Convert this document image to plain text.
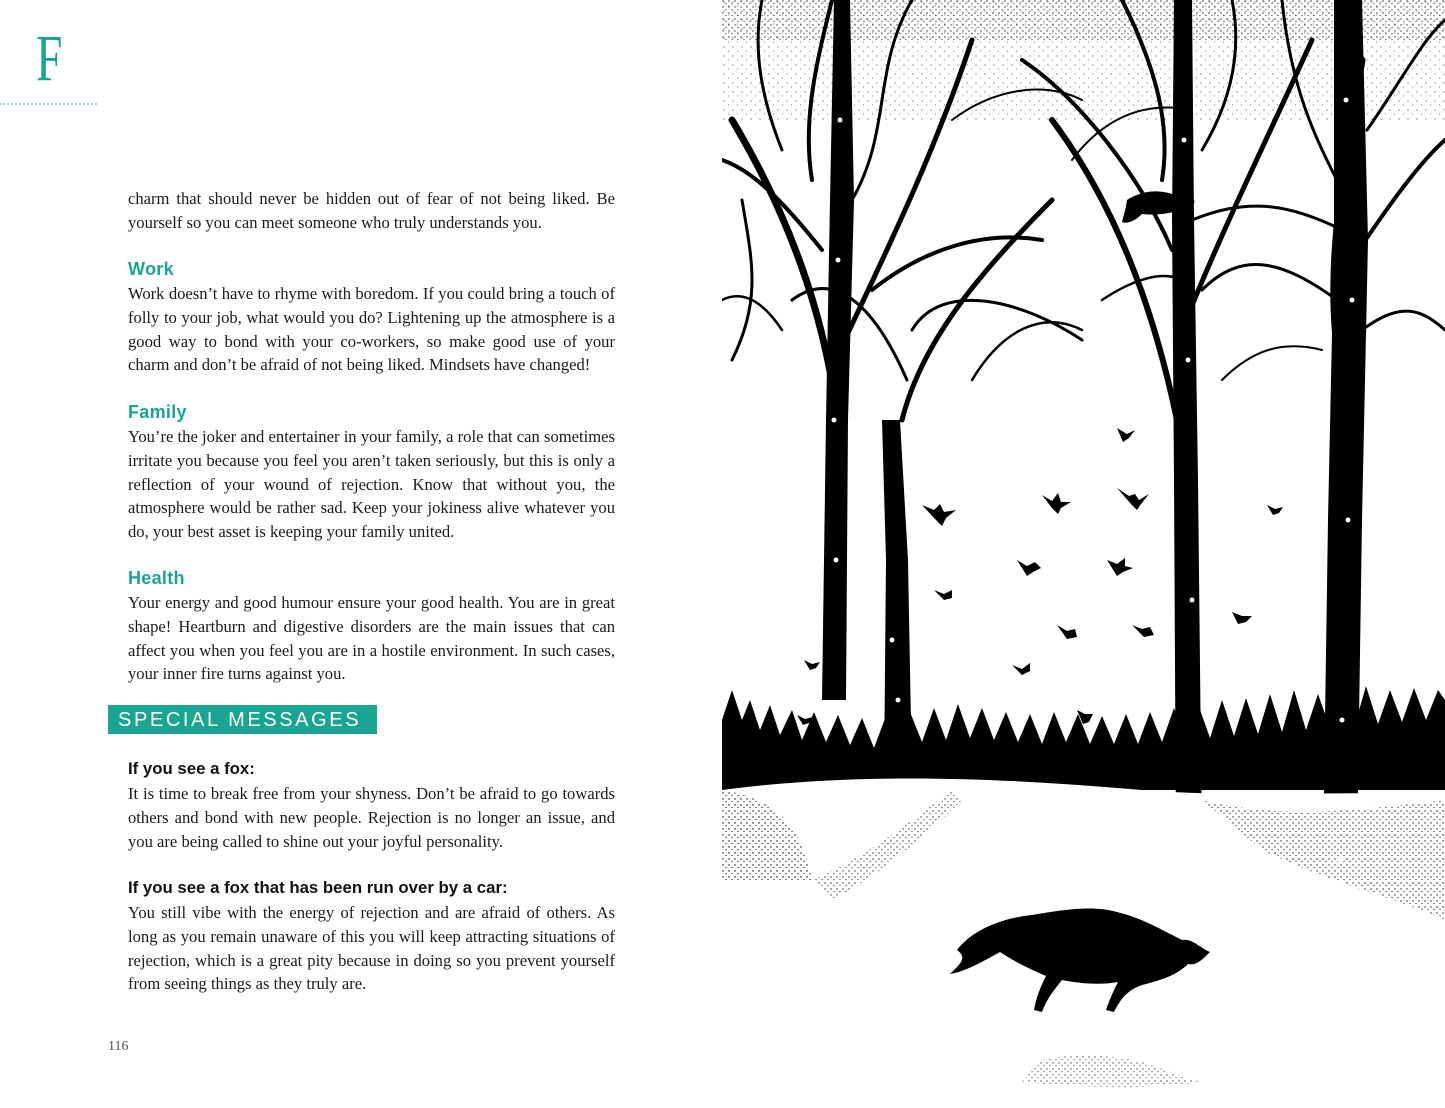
F

charm that should never be hidden out of fear of not being liked. Be yourself so you can meet someone who truly understands you.

Work

Work doesn’t have to rhyme with boredom. If you could bring a touch of folly to your job, what would you do? Lightening up the atmosphere is a good way to bond with your co-workers, so make good use of your charm and don’t be afraid of not being liked. Mindsets have changed!

Family

You’re the joker and entertainer in your family, a role that can sometimes irritate you because you feel you aren’t taken seriously, but this is only a reflection of your wound of rejection. Know that without you, the atmosphere would be rather sad. Keep your jokiness alive whatever you do, your best asset is keeping your family united.

Health

Your energy and good humour ensure your good health. You are in great shape! Heartburn and digestive disorders are the main issues that can affect you when you feel you are in a hostile environment. In such cases, your inner fire turns against you.

SPECIAL MESSAGES
If you see a fox:

It is time to break free from your shyness. Don’t be afraid to go towards others and bond with new people. Rejection is no longer an issue, and you are being called to shine out your joyful personality.

If you see a fox that has been run over by a car:

You still vibe with the energy of rejection and are afraid of others. As long as you remain unaware of this you will keep attracting situations of rejection, which is a great pity because in doing so you prevent yourself from seeing things as they truly are.

116
